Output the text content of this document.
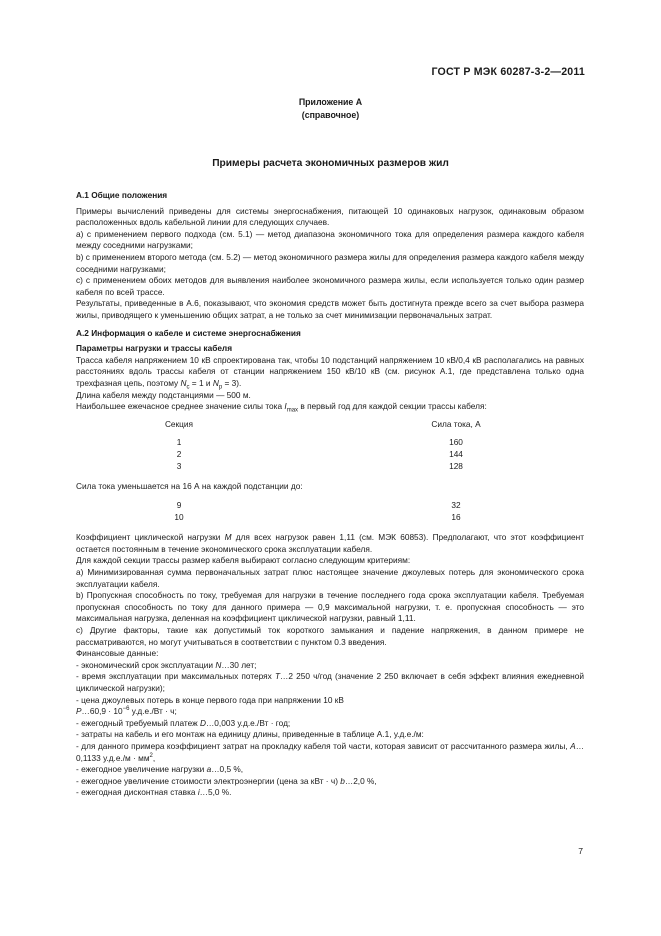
ГОСТ Р МЭК 60287-3-2—2011
Приложение А
(справочное)
Примеры расчета экономичных размеров жил

А.1 Общие положения

Примеры вычислений приведены для системы энергоснабжения, питающей 10 одинаковых нагрузок, одинаковым образом расположенных вдоль кабельной линии для следующих случаев.

а) с применением первого подхода (см. 5.1) — метод диапазона экономичного тока для определения размера каждого кабеля между соседними нагрузками;

b) с применением второго метода (см. 5.2) — метод экономичного размера жилы для определения размера каждого кабеля между соседними нагрузками;

c) с применением обоих методов для выявления наиболее экономичного размера жилы, если используется только один размер кабеля по всей трассе.

Результаты, приведенные в А.6, показывают, что экономия средств может быть достигнута прежде всего за счет выбора размера жилы, приводящего к уменьшению общих затрат, а не только за счет минимизации первоначальных затрат.

А.2 Информация о кабеле и системе энергоснабжения

Параметры нагрузки и трассы кабеля

Трасса кабеля напряжением 10 кВ спроектирована так, чтобы 10 подстанций напряжением 10 кВ/0,4 кВ располагались на равных расстояниях вдоль трассы кабеля от станции напряжением 150 кВ/10 кВ (см. рисунок А.1, где представлена только одна трехфазная цепь, поэтому $N_c = 1$ и $N_p = 3$).

Длина кабеля между подстанциями — 500 м.

Наибольшее ежечасное среднее значение силы тока $I_{max}$ в первый год для каждой секции трассы кабеля:

Секция	Сила тока, А
1	160
2	144
3	128

Сила тока уменьшается на 16 А на каждой подстанции до:

9	32
10	16

Коэффициент циклической нагрузки M для всех нагрузок равен 1,11 (см. МЭК 60853). Предполагают, что этот коэффициент остается постоянным в течение экономического срока эксплуатации кабеля.

Для каждой секции трассы размер кабеля выбирают согласно следующим критериям:

а) Минимизированная сумма первоначальных затрат плюс настоящее значение джоулевых потерь для экономического срока эксплуатации кабеля.

b) Пропускная способность по току, требуемая для нагрузки в течение последнего года срока эксплуатации кабеля. Требуемая пропускная способность по току для данного примера — 0,9 максимальной нагрузки, т. е. пропускная способность — это максимальная нагрузка, деленная на коэффициент циклической нагрузки, равный 1,11.

c) Другие факторы, такие как допустимый ток короткого замыкания и падение напряжения, в данном примере не рассматриваются, но могут учитываться в соответствии с пунктом 0.3 введения.

Финансовые данные:

- экономический срок эксплуатации N…30 лет;

- время эксплуатации при максимальных потерях T…2 250 ч/год (значение 2 250 включает в себя эффект влияния ежедневной циклической нагрузки);

- цена джоулевых потерь в конце первого года при напряжении 10 кВ

P…60,9 · $10^{-6}$ у.д.е./Вт · ч;

- ежегодный требуемый платеж D…0,003 у.д.е./Вт · год;

- затраты на кабель и его монтаж на единицу длины, приведенные в таблице А.1, у.д.е./м:

- для данного примера коэффициент затрат на прокладку кабеля той части, которая зависит от рассчитанного размера жилы, A…0,1133 $у.д.е./м \cdot мм^2$,

- ежегодное увеличение нагрузки a…0,5 %,

- ежегодное увеличение стоимости электроэнергии (цена за кВт · ч) b…2,0 %,

- ежегодная дисконтная ставка i…5,0 %.

7
